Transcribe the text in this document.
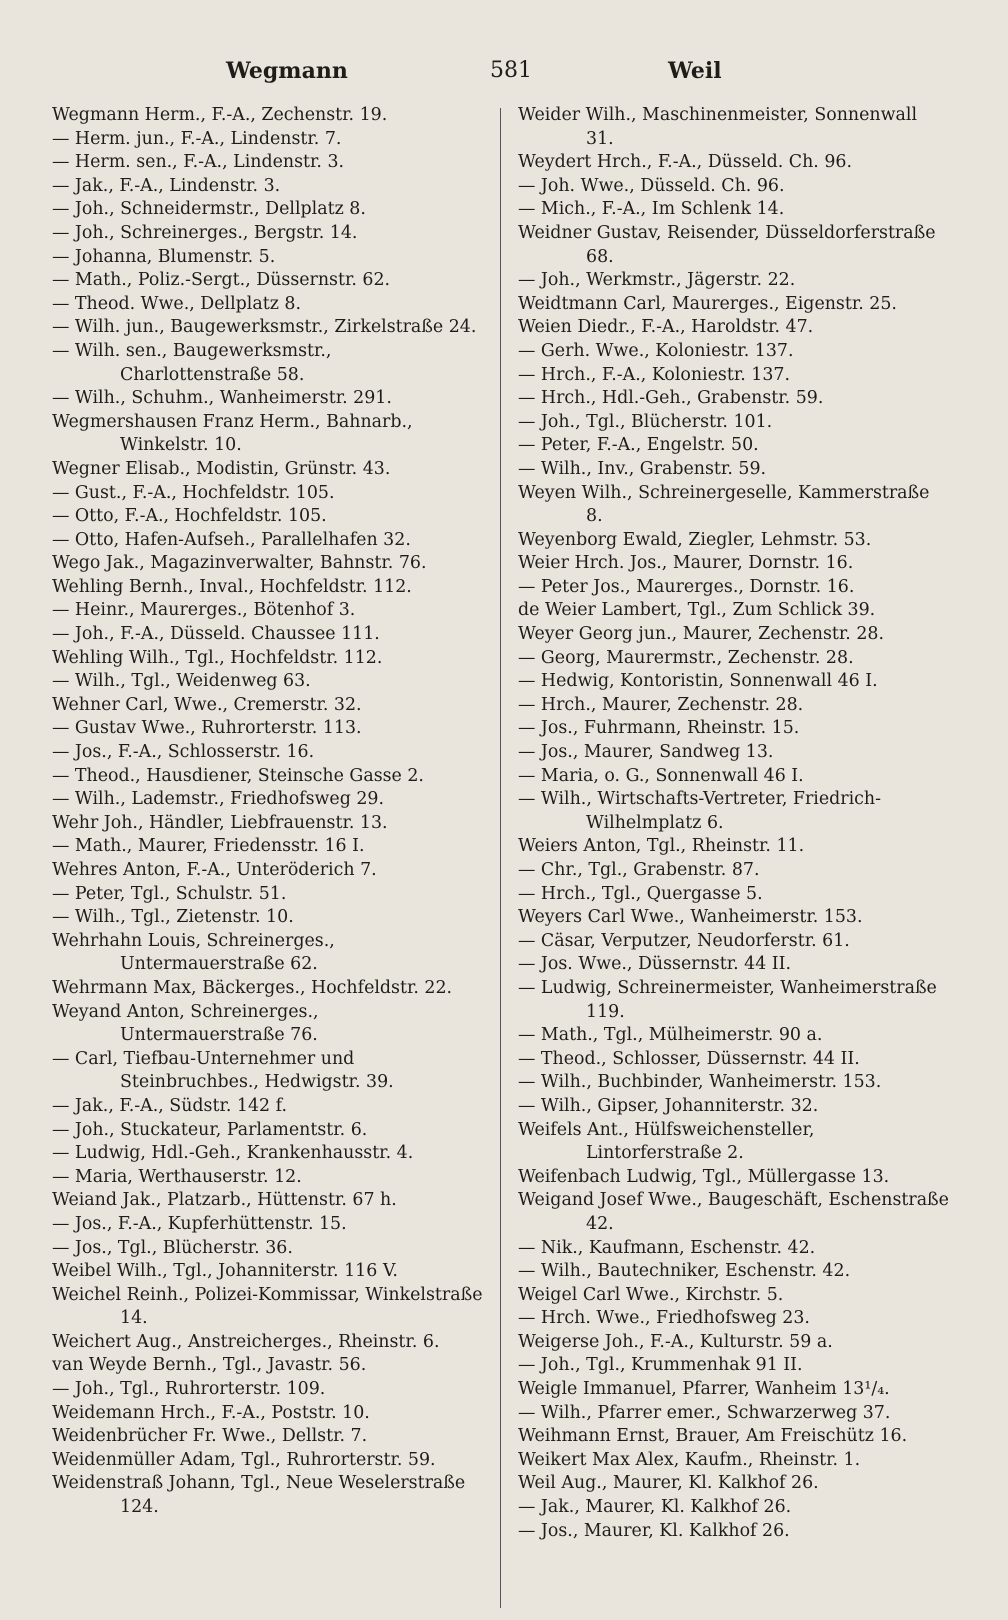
Wegmann	581	Weil

Wegmann Herm., F.-A., Zechenstr. 19.

— Herm. jun., F.-A., Lindenstr. 7.

— Herm. sen., F.-A., Lindenstr. 3.

— Jak., F.-A., Lindenstr. 3.

— Joh., Schneidermstr., Dellplatz 8.

— Joh., Schreinerges., Bergstr. 14.

— Johanna, Blumenstr. 5.

— Math., Poliz.-Sergt., Düssernstr. 62.

— Theod. Wwe., Dellplatz 8.

— Wilh. jun., Baugewerksmstr., Zirkelstraße 24.

— Wilh. sen., Baugewerksmstr., Charlottenstraße 58.

— Wilh., Schuhm., Wanheimerstr. 291.

Wegmershausen Franz Herm., Bahnarb., Winkelstr. 10.

Wegner Elisab., Modistin, Grünstr. 43.

— Gust., F.-A., Hochfeldstr. 105.

— Otto, F.-A., Hochfeldstr. 105.

— Otto, Hafen-Aufseh., Parallelhafen 32.

Wego Jak., Magazinverwalter, Bahnstr. 76.

Wehling Bernh., Inval., Hochfeldstr. 112.

— Heinr., Maurerges., Bötenhof 3.

— Joh., F.-A., Düsseld. Chaussee 111.

Wehling Wilh., Tgl., Hochfeldstr. 112.

— Wilh., Tgl., Weidenweg 63.

Wehner Carl, Wwe., Cremerstr. 32.

— Gustav Wwe., Ruhrorterstr. 113.

— Jos., F.-A., Schlosserstr. 16.

— Theod., Hausdiener, Steinsche Gasse 2.

— Wilh., Lademstr., Friedhofsweg 29.

Wehr Joh., Händler, Liebfrauenstr. 13.

— Math., Maurer, Friedensstr. 16 I.

Wehres Anton, F.-A., Unteröderich 7.

— Peter, Tgl., Schulstr. 51.

— Wilh., Tgl., Zietenstr. 10.

Wehrhahn Louis, Schreinerges., Untermauerstraße 62.

Wehrmann Max, Bäckerges., Hochfeldstr. 22.

Weyand Anton, Schreinerges., Untermauerstraße 76.

— Carl, Tiefbau-Unternehmer und Steinbruchbes., Hedwigstr. 39.

— Jak., F.-A., Südstr. 142 f.

— Joh., Stuckateur, Parlamentstr. 6.

— Ludwig, Hdl.-Geh., Krankenhausstr. 4.

— Maria, Werthauserstr. 12.

Weiand Jak., Platzarb., Hüttenstr. 67 h.

— Jos., F.-A., Kupferhüttenstr. 15.

— Jos., Tgl., Blücherstr. 36.

Weibel Wilh., Tgl., Johanniterstr. 116 V.

Weichel Reinh., Polizei-Kommissar, Winkelstraße 14.

Weichert Aug., Anstreicherges., Rheinstr. 6.

van Weyde Bernh., Tgl., Javastr. 56.

— Joh., Tgl., Ruhrorterstr. 109.

Weidemann Hrch., F.-A., Poststr. 10.

Weidenbrücher Fr. Wwe., Dellstr. 7.

Weidenmüller Adam, Tgl., Ruhrorterstr. 59.

Weidenstraß Johann, Tgl., Neue Weselerstraße 124.

Weider Wilh., Maschinenmeister, Sonnenwall 31.

Weydert Hrch., F.-A., Düsseld. Ch. 96.

— Joh. Wwe., Düsseld. Ch. 96.

— Mich., F.-A., Im Schlenk 14.

Weidner Gustav, Reisender, Düsseldorferstraße 68.

— Joh., Werkmstr., Jägerstr. 22.

Weidtmann Carl, Maurerges., Eigenstr. 25.

Weien Diedr., F.-A., Haroldstr. 47.

— Gerh. Wwe., Koloniestr. 137.

— Hrch., F.-A., Koloniestr. 137.

— Hrch., Hdl.-Geh., Grabenstr. 59.

— Joh., Tgl., Blücherstr. 101.

— Peter, F.-A., Engelstr. 50.

— Wilh., Inv., Grabenstr. 59.

Weyen Wilh., Schreinergeselle, Kammerstraße 8.

Weyenborg Ewald, Ziegler, Lehmstr. 53.

Weier Hrch. Jos., Maurer, Dornstr. 16.

— Peter Jos., Maurerges., Dornstr. 16.

de Weier Lambert, Tgl., Zum Schlick 39.

Weyer Georg jun., Maurer, Zechenstr. 28.

— Georg, Maurermstr., Zechenstr. 28.

— Hedwig, Kontoristin, Sonnenwall 46 I.

— Hrch., Maurer, Zechenstr. 28.

— Jos., Fuhrmann, Rheinstr. 15.

— Jos., Maurer, Sandweg 13.

— Maria, o. G., Sonnenwall 46 I.

— Wilh., Wirtschafts-Vertreter, Friedrich-Wilhelmplatz 6.

Weiers Anton, Tgl., Rheinstr. 11.

— Chr., Tgl., Grabenstr. 87.

— Hrch., Tgl., Quergasse 5.

Weyers Carl Wwe., Wanheimerstr. 153.

— Cäsar, Verputzer, Neudorferstr. 61.

— Jos. Wwe., Düssernstr. 44 II.

— Ludwig, Schreinermeister, Wanheimerstraße 119.

— Math., Tgl., Mülheimerstr. 90 a.

— Theod., Schlosser, Düssernstr. 44 II.

— Wilh., Buchbinder, Wanheimerstr. 153.

— Wilh., Gipser, Johanniterstr. 32.

Weifels Ant., Hülfsweichensteller, Lintorferstraße 2.

Weifenbach Ludwig, Tgl., Müllergasse 13.

Weigand Josef Wwe., Baugeschäft, Eschenstraße 42.

— Nik., Kaufmann, Eschenstr. 42.

— Wilh., Bautechniker, Eschenstr. 42.

Weigel Carl Wwe., Kirchstr. 5.

— Hrch. Wwe., Friedhofsweg 23.

Weigerse Joh., F.-A., Kulturstr. 59 a.

— Joh., Tgl., Krummenhak 91 II.

Weigle Immanuel, Pfarrer, Wanheim 13¹/₄.

— Wilh., Pfarrer emer., Schwarzerweg 37.

Weihmann Ernst, Brauer, Am Freischütz 16.

Weikert Max Alex, Kaufm., Rheinstr. 1.

Weil Aug., Maurer, Kl. Kalkhof 26.

— Jak., Maurer, Kl. Kalkhof 26.

— Jos., Maurer, Kl. Kalkhof 26.
